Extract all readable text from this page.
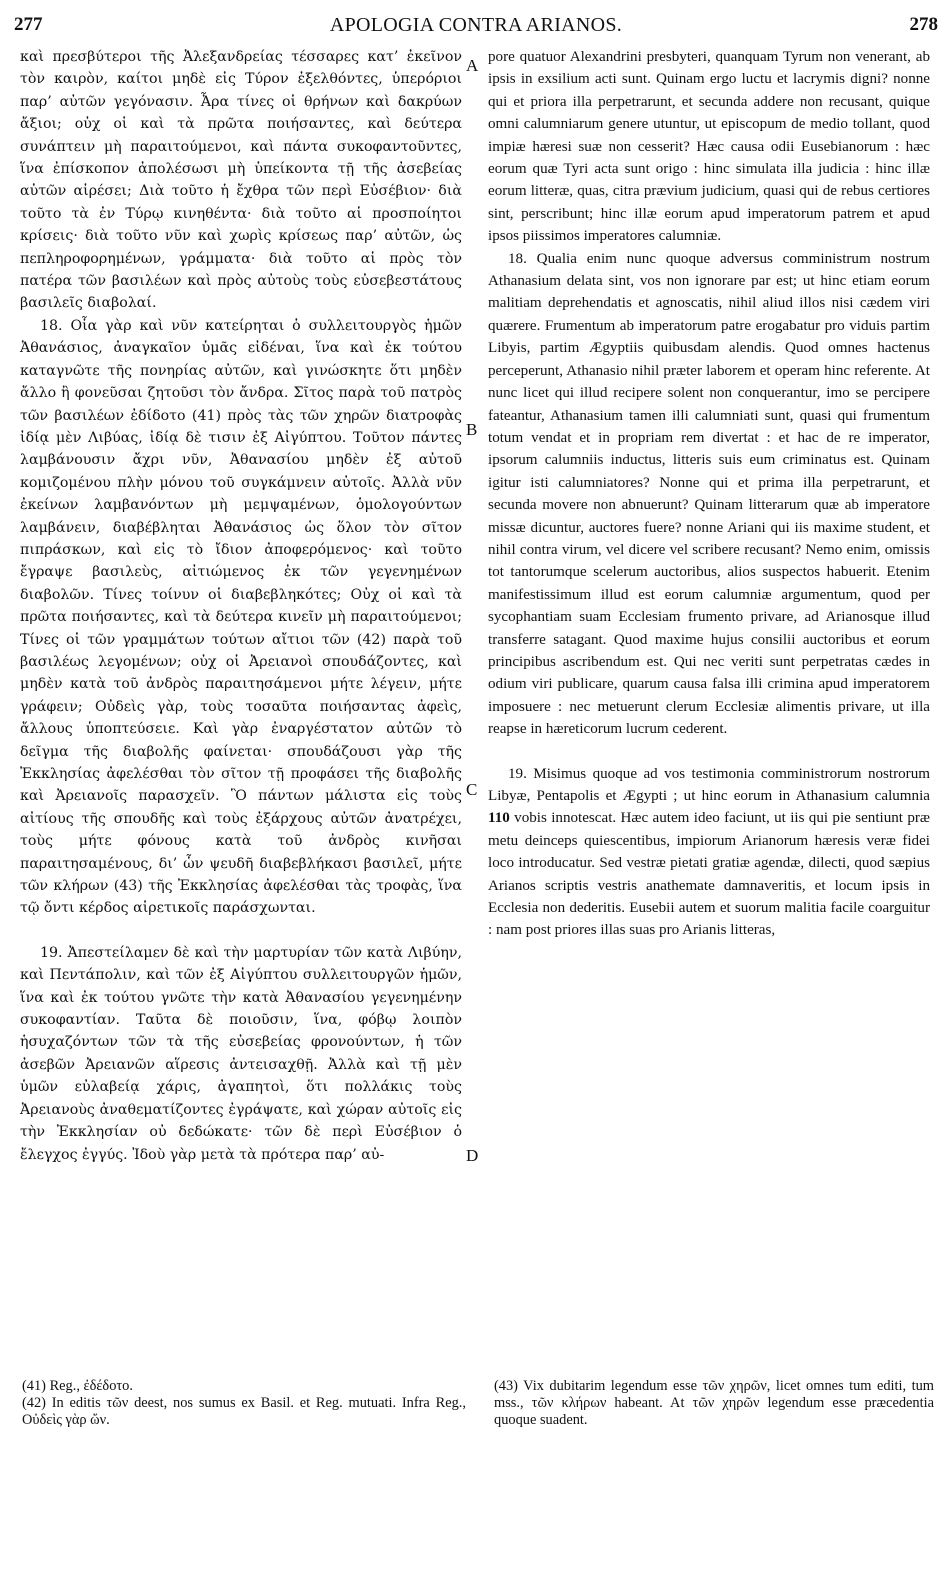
277	APOLOGIA CONTRA ARIANOS.	278

καὶ πρεσβύτεροι τῆς Ἀλεξανδρείας τέσσαρες κατ’ ἐκεῖνον τὸν καιρὸν, καίτοι μηδὲ εἰς Τύρον ἐξελθόντες, ὑπερόριοι παρ’ αὐτῶν γεγόνασιν. Ἆρα τίνες οἱ θρήνων καὶ δακρύων ἄξιοι; οὐχ οἱ καὶ τὰ πρῶτα ποιήσαντες, καὶ δεύτερα συνάπτειν μὴ παραιτούμενοι, καὶ πάντα συκοφαντοῦντες, ἵνα ἐπίσκοπον ἀπολέσωσι μὴ ὑπείκοντα τῇ τῆς ἀσεβείας αὐτῶν αἱρέσει; Διὰ τοῦτο ἡ ἔχθρα τῶν περὶ Εὐσέβιον· διὰ τοῦτο τὰ ἐν Τύρῳ κινηθέντα· διὰ τοῦτο αἱ προσποίητοι κρίσεις· διὰ τοῦτο νῦν καὶ χωρὶς κρίσεως παρ’ αὐτῶν, ὡς πεπληροφορημένων, γράμματα· διὰ τοῦτο αἱ πρὸς τὸν πατέρα τῶν βασιλέων καὶ πρὸς αὐτοὺς τοὺς εὐσεβεστάτους βασιλεῖς διαβολαί.

18. Οἷα γὰρ καὶ νῦν κατείρηται ὁ συλλειτουργὸς ἡμῶν Ἀθανάσιος, ἀναγκαῖον ὑμᾶς εἰδέναι, ἵνα καὶ ἐκ τούτου καταγνῶτε τῆς πονηρίας αὐτῶν, καὶ γινώσκητε ὅτι μηδὲν ἄλλο ἢ φονεῦσαι ζητοῦσι τὸν ἄνδρα. Σῖτος παρὰ τοῦ πατρὸς τῶν βασιλέων ἐδίδοτο (41) πρὸς τὰς τῶν χηρῶν διατροφὰς ἰδίᾳ μὲν Λιβύας, ἰδίᾳ δὲ τισιν ἐξ Αἰγύπτου. Τοῦτον πάντες λαμβάνουσιν ἄχρι νῦν, Ἀθανασίου μηδὲν ἐξ αὐτοῦ κομιζομένου πλὴν μόνου τοῦ συγκάμνειν αὐτοῖς. Ἀλλὰ νῦν ἐκείνων λαμβανόντων μὴ μεμψαμένων, ὁμολογούντων λαμβάνειν, διαβέβληται Ἀθανάσιος ὡς ὅλον τὸν σῖτον πιπράσκων, καὶ εἰς τὸ ἴδιον ἀποφερόμενος· καὶ τοῦτο ἔγραψε βασιλεὺς, αἰτιώμενος ἐκ τῶν γεγενημένων διαβολῶν. Τίνες τοίνυν οἱ διαβεβληκότες; Οὐχ οἱ καὶ τὰ πρῶτα ποιήσαντες, καὶ τὰ δεύτερα κινεῖν μὴ παραιτούμενοι; Τίνες οἱ τῶν γραμμάτων τούτων αἴτιοι τῶν (42) παρὰ τοῦ βασιλέως λεγομένων; οὐχ οἱ Ἀρειανοὶ σπουδάζοντες, καὶ μηδὲν κατὰ τοῦ ἀνδρὸς παραιτησάμενοι μήτε λέγειν, μήτε γράφειν; Οὐδεὶς γὰρ, τοὺς τοσαῦτα ποιήσαντας ἀφεὶς, ἄλλους ὑποπτεύσειε. Καὶ γὰρ ἐναργέστατον αὐτῶν τὸ δεῖγμα τῆς διαβολῆς φαίνεται· σπουδάζουσι γὰρ τῆς Ἐκκλησίας ἀφελέσθαι τὸν σῖτον τῇ προφάσει τῆς διαβολῆς καὶ Ἀρειανοῖς παρασχεῖν. Ὃ πάντων μάλιστα εἰς τοὺς αἰτίους τῆς σπουδῆς καὶ τοὺς ἐξάρχους αὐτῶν ἀνατρέχει, τοὺς μήτε φόνους κατὰ τοῦ ἀνδρὸς κινῆσαι παραιτησαμένους, δι’ ὧν ψευδῆ διαβεβλήκασι βασιλεῖ, μήτε τῶν κλήρων (43) τῆς Ἐκκλησίας ἀφελέσθαι τὰς τροφὰς, ἵνα τῷ ὄντι κέρδος αἱρετικοῖς παράσχωνται.

19. Ἀπεστείλαμεν δὲ καὶ τὴν μαρτυρίαν τῶν κατὰ Λιβύην, καὶ Πεντάπολιν, καὶ τῶν ἐξ Αἰγύπτου συλλειτουργῶν ἡμῶν, ἵνα καὶ ἐκ τούτου γνῶτε τὴν κατὰ Ἀθανασίου γεγενημένην συκοφαντίαν. Ταῦτα δὲ ποιοῦσιν, ἵνα, φόβῳ λοιπὸν ἡσυχαζόντων τῶν τὰ τῆς εὐσεβείας φρονούντων, ἡ τῶν ἀσεβῶν Ἀρειανῶν αἵρεσις ἀντεισαχθῇ. Ἀλλὰ καὶ τῇ μὲν ὑμῶν εὐλαβείᾳ χάρις, ἀγαπητοὶ, ὅτι πολλάκις τοὺς Ἀρειανοὺς ἀναθεματίζοντες ἐγράψατε, καὶ χώραν αὐτοῖς εἰς τὴν Ἐκκλησίαν οὐ δεδώκατε· τῶν δὲ περὶ Εὐσέβιον ὁ ἔλεγχος ἐγγύς. Ἰδοὺ γὰρ μετὰ τὰ πρότερα παρ’ αὐ-

A
B
C
D

pore quatuor Alexandrini presbyteri, quanquam Tyrum non venerant, ab ipsis in exsilium acti sunt. Quinam ergo luctu et lacrymis digni? nonne qui et priora illa perpetrarunt, et secunda addere non recusant, quique omni calumniarum genere utuntur, ut episcopum de medio tollant, quod impiæ hæresi suæ non cesserit? Hæc causa odii Eusebianorum : hæc eorum quæ Tyri acta sunt origo : hinc simulata illa judicia : hinc illæ eorum litteræ, quas, citra prævium judicium, quasi qui de rebus certiores sint, perscribunt; hinc illæ eorum apud imperatorum patrem et apud ipsos piissimos imperatores calumniæ.

18. Qualia enim nunc quoque adversus comministrum nostrum Athanasium delata sint, vos non ignorare par est; ut hinc etiam eorum malitiam deprehendatis et agnoscatis, nihil aliud illos nisi cædem viri quærere. Frumentum ab imperatorum patre erogabatur pro viduis partim Libyis, partim Ægyptiis quibusdam alendis. Quod omnes hactenus perceperunt, Athanasio nihil præter laborem et operam hinc referente. At nunc licet qui illud recipere solent non conquerantur, imo se percipere fateantur, Athanasium tamen illi calumniati sunt, quasi qui frumentum totum vendat et in propriam rem divertat : et hac de re imperator, ipsorum calumniis inductus, litteris suis eum criminatus est. Quinam igitur isti calumniatores? Nonne qui et prima illa perpetrarunt, et secunda movere non abnuerunt? Quinam litterarum quæ ab imperatore missæ dicuntur, auctores fuere? nonne Ariani qui iis maxime student, et nihil contra virum, vel dicere vel scribere recusant? Nemo enim, omissis tot tantorumque scelerum auctoribus, alios suspectos habuerit. Etenim manifestissimum illud est eorum calumniæ argumentum, quod per sycophantiam suam Ecclesiam frumento privare, ad Arianosque illud transferre satagant. Quod maxime hujus consilii auctoribus et eorum principibus ascribendum est. Qui nec veriti sunt perpetratas cædes in odium viri publicare, quarum causa falsa illi crimina apud imperatorem imposuere : nec metuerunt clerum Ecclesiæ alimentis privare, ut illa reapse in hæreticorum lucrum cederent.

19. Misimus quoque ad vos testimonia comministrorum nostrorum Libyæ, Pentapolis et Ægypti ; ut hinc eorum in Athanasium calumnia 110 vobis innotescat. Hæc autem ideo faciunt, ut iis qui pie sentiunt præ metu deinceps quiescentibus, impiorum Arianorum hæresis veræ fidei loco introducatur. Sed vestræ pietati gratiæ agendæ, dilecti, quod sæpius Arianos scriptis vestris anathemate damnaveritis, et locum ipsis in Ecclesia non dederitis. Eusebii autem et suorum malitia facile coarguitur : nam post priores illas suas pro Arianis litteras,

(41) Reg., ἐδέδοτο.

(42) In editis τῶν deest, nos sumus ex Basil. et Reg. mutuati. Infra Reg., Οὐδεὶς γὰρ ὤν.

(43) Vix dubitarim legendum esse τῶν χηρῶν, licet omnes tum editi, tum mss., τῶν κλήρων habeant. At τῶν χηρῶν legendum esse præcedentia quoque suadent.
